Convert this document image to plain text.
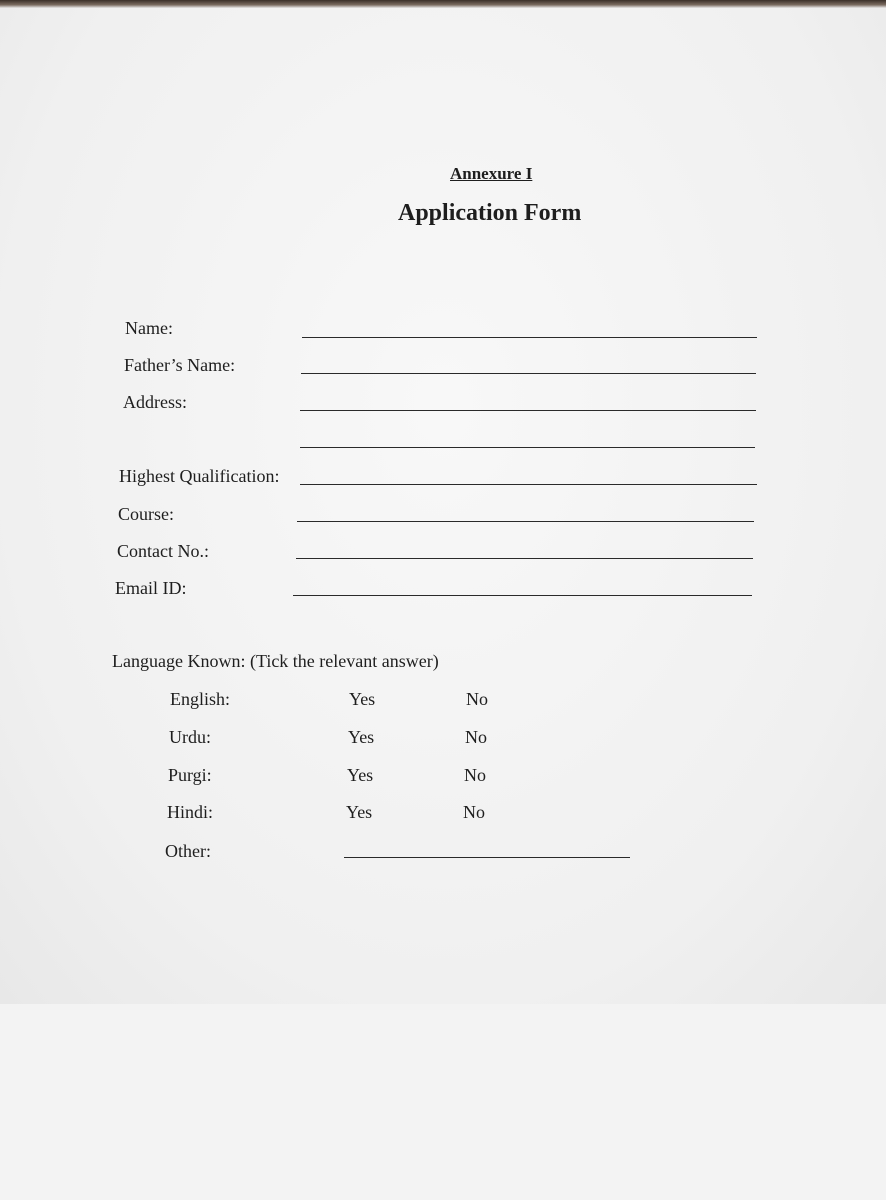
Annexure I

Application Form

Name:

Father’s Name:

Address:

Highest Qualification:

Course:

Contact No.:

Email ID:

Language Known: (Tick the relevant answer)

English:	Yes	No

Urdu:	Yes	No

Purgi:	Yes	No

Hindi:	Yes	No

Other:
